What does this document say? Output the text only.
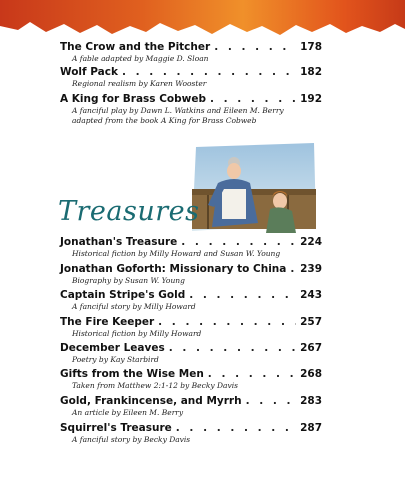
The Crow and the Pitcher . . .	178
A fable adapted by Maggie D. Sloan
Wolf Pack . . .	182
Regional realism by Karen Wooster
A King for Brass Cobweb . . .	192
A fanciful play by Dawn L. Watkins and Eileen M. Berry
adapted from the book A King for Brass Cobweb
Treasures
Jonathan's Treasure . . .	224
Historical fiction by Milly Howard and Susan W. Young
Jonathan Goforth: Missionary to China . . . 239
Biography by Susan W. Young
Captain Stripe's Gold . . .	243
A fanciful story by Milly Howard
The Fire Keeper . . .	257
Historical fiction by Milly Howard
December Leaves . . .	267
Poetry by Kay Starbird
Gifts from the Wise Men . . .	268
Taken from Matthew 2:1-12 by Becky Davis
Gold, Frankincense, and Myrrh . . .	283
An article by Eileen M. Berry
Squirrel's Treasure . . .	287
A fanciful story by Becky Davis
